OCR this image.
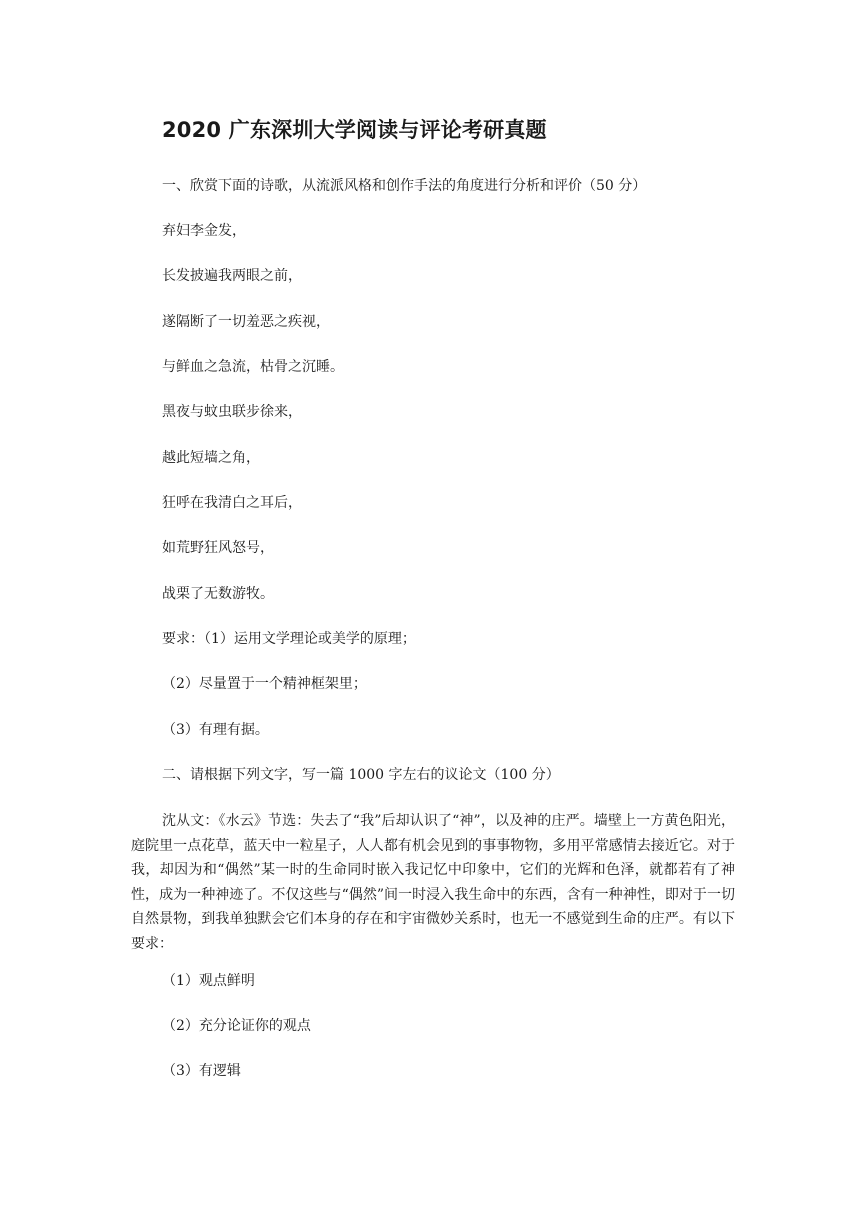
2020 广东深圳大学阅读与评论考研真题
一、欣赏下面的诗歌，从流派风格和创作手法的角度进行分析和评价（50 分）
弃妇李金发，
长发披遍我两眼之前，
遂隔断了一切羞恶之疾视，
与鲜血之急流，枯骨之沉睡。
黑夜与蚊虫联步徐来，
越此短墙之角，
狂呼在我清白之耳后，
如荒野狂风怒号，
战栗了无数游牧。
要求：（1）运用文学理论或美学的原理；
（2）尽量置于一个精神框架里；
（3）有理有据。
二、请根据下列文字，写一篇 1000 字左右的议论文（100 分）
沈从文：《水云》节选：失去了“我”后却认识了“神”，以及神的庄严。墙壁上一方黄色阳光，庭院里一点花草，蓝天中一粒星子，人人都有机会见到的事事物物，多用平常感情去接近它。对于我，却因为和“偶然”某一时的生命同时嵌入我记忆中印象中，它们的光辉和色泽，就都若有了神性，成为一种神迹了。不仅这些与“偶然”间一时浸入我生命中的东西，含有一种神性，即对于一切自然景物，到我单独默会它们本身的存在和宇宙微妙关系时，也无一不感觉到生命的庄严。有以下要求：
（1）观点鲜明
（2）充分论证你的观点
（3）有逻辑
